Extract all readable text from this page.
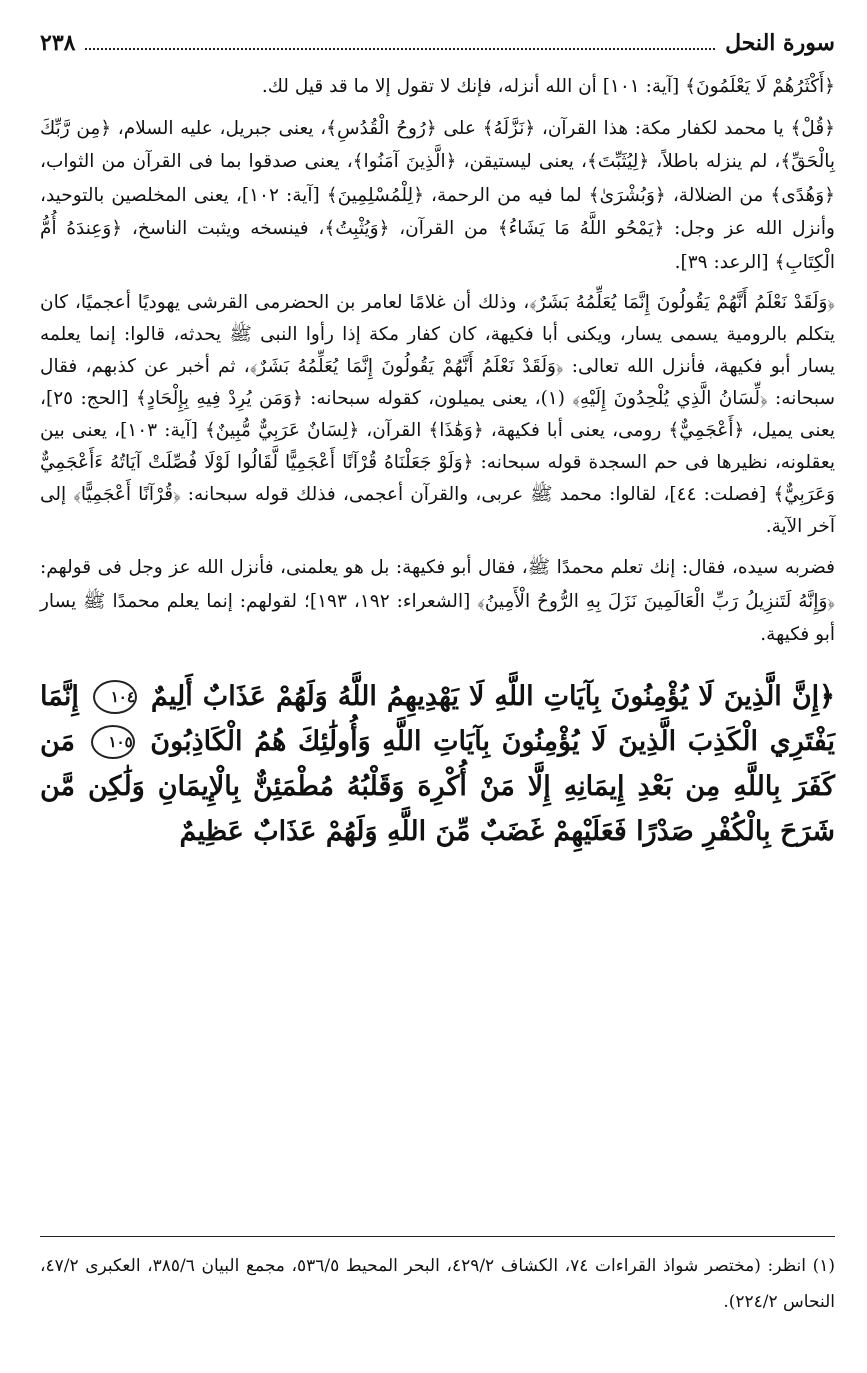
سورة النحل
٢٣٨

﴿أَكْثَرُهُمْ لَا يَعْلَمُونَ﴾ [آية: ١٠١] أن الله أنزله، فإنك لا تقول إلا ما قد قيل لك.

﴿قُلْ﴾ يا محمد لكفار مكة: هذا القرآن، ﴿نَزَّلَهُ﴾ على ﴿رُوحُ الْقُدُسِ﴾، يعنى جبريل، عليه السلام، ﴿مِن رَّبِّكَ بِالْحَقِّ﴾، لم ينزله باطلاً، ﴿لِيُثَبِّتَ﴾، يعنى ليستيقن، ﴿الَّذِينَ آمَنُوا﴾، يعنى صدقوا بما فى القرآن من الثواب، ﴿وَهُدًى﴾ من الضلالة، ﴿وَبُشْرَىٰ﴾ لما فيه من الرحمة، ﴿لِلْمُسْلِمِينَ﴾ [آية: ١٠٢]، يعنى المخلصين بالتوحيد، وأنزل الله عز وجل: ﴿يَمْحُو اللَّهُ مَا يَشَاءُ﴾ من القرآن، ﴿وَيُثْبِتُ﴾، فينسخه ويثبت الناسخ، ﴿وَعِندَهُ أُمُّ الْكِتَابِ﴾ [الرعد: ٣٩].

﴿وَلَقَدْ نَعْلَمُ أَنَّهُمْ يَقُولُونَ إِنَّمَا يُعَلِّمُهُ بَشَرٌ﴾، وذلك أن غلامًا لعامر بن الحضرمى القرشى يهوديًا أعجميًا، كان يتكلم بالرومية يسمى يسار، ويكنى أبا فكيهة، كان كفار مكة إذا رأوا النبى ﷺ يحدثه، قالوا: إنما يعلمه يسار أبو فكيهة، فأنزل الله تعالى: ﴿وَلَقَدْ نَعْلَمُ أَنَّهُمْ يَقُولُونَ إِنَّمَا يُعَلِّمُهُ بَشَرٌ﴾، ثم أخبر عن كذبهم، فقال سبحانه: ﴿لِّسَانُ الَّذِي يُلْحِدُونَ إِلَيْهِ﴾ (١)، يعنى يميلون، كقوله سبحانه: ﴿وَمَن يُرِدْ فِيهِ بِإِلْحَادٍ﴾ [الحج: ٢٥]، يعنى يميل، ﴿أَعْجَمِيٌّ﴾ رومى، يعنى أبا فكيهة، ﴿وَهَٰذَا﴾ القرآن، ﴿لِسَانٌ عَرَبِيٌّ مُّبِينٌ﴾ [آية: ١٠٣]، يعنى بين يعقلونه، نظيرها فى حم السجدة قوله سبحانه: ﴿وَلَوْ جَعَلْنَاهُ قُرْآنًا أَعْجَمِيًّا لَّقَالُوا لَوْلَا فُصِّلَتْ آيَاتُهُ ءَأَعْجَمِيٌّ وَعَرَبِيٌّ﴾ [فصلت: ٤٤]، لقالوا: محمد ﷺ عربى، والقرآن أعجمى، فذلك قوله سبحانه: ﴿قُرْآنًا أَعْجَمِيًّا﴾ إلى آخر الآية.

فضربه سيده، فقال: إنك تعلم محمدًا ﷺ، فقال أبو فكيهة: بل هو يعلمنى، فأنزل الله عز وجل فى قولهم: ﴿وَإِنَّهُ لَتَنزِيلُ رَبِّ الْعَالَمِينَ نَزَلَ بِهِ الرُّوحُ الْأَمِينُ﴾ [الشعراء: ١٩٢، ١٩٣]؛ لقولهم: إنما يعلم محمدًا ﷺ يسار أبو فكيهة.

﴿إِنَّ الَّذِينَ لَا يُؤْمِنُونَ بِآيَاتِ اللَّهِ لَا يَهْدِيهِمُ اللَّهُ وَلَهُمْ عَذَابٌ أَلِيمٌ ١٠٤ إِنَّمَا يَفْتَرِي الْكَذِبَ الَّذِينَ لَا يُؤْمِنُونَ بِآيَاتِ اللَّهِ وَأُولَٰئِكَ هُمُ الْكَاذِبُونَ ١٠٥ مَن كَفَرَ بِاللَّهِ مِن بَعْدِ إِيمَانِهِ إِلَّا مَنْ أُكْرِهَ وَقَلْبُهُ مُطْمَئِنٌّ بِالْإِيمَانِ وَلَٰكِن مَّن شَرَحَ بِالْكُفْرِ صَدْرًا فَعَلَيْهِمْ غَضَبٌ مِّنَ اللَّهِ وَلَهُمْ عَذَابٌ عَظِيمٌ
(١) انظر: (مختصر شواذ القراءات ٧٤، الكشاف ٤٢٩/٢، البحر المحيط ٥٣٦/٥، مجمع البيان ٣٨٥/٦، العكبرى ٤٧/٢، النحاس ٢٢٤/٢).
